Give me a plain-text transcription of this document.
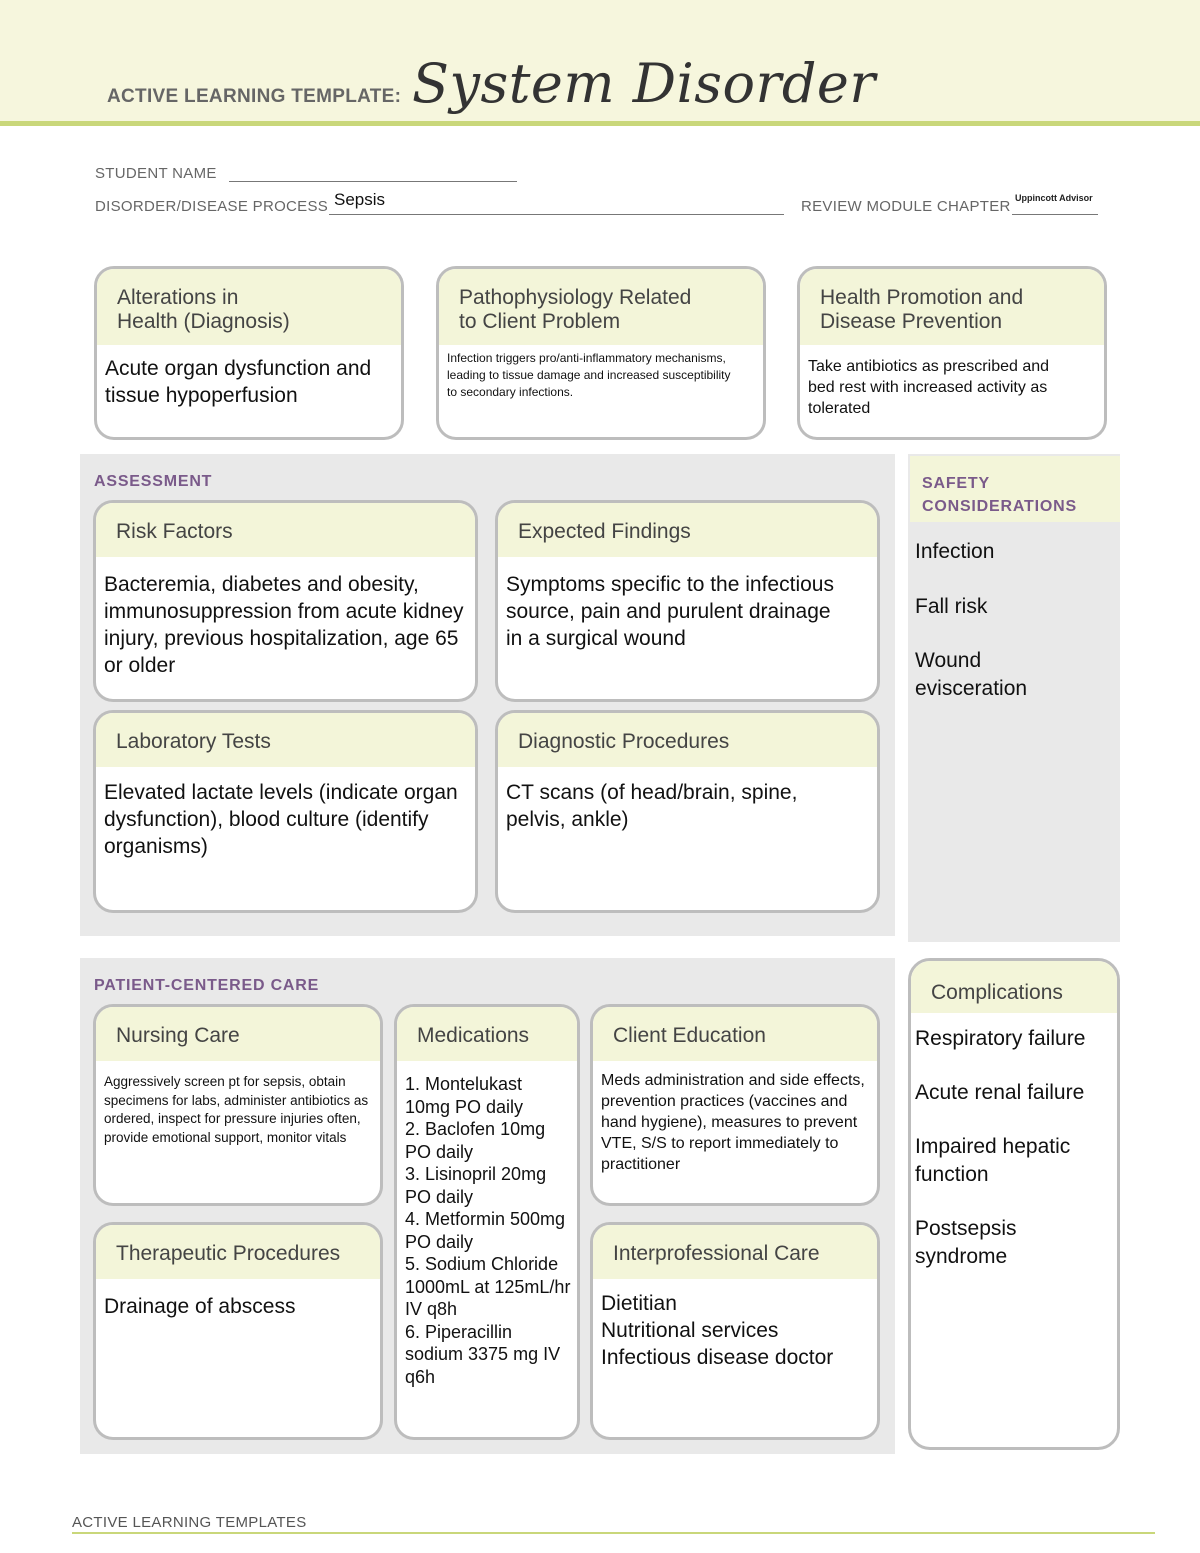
ACTIVE LEARNING TEMPLATE: System Disorder
STUDENT NAME
DISORDER/DISEASE PROCESS Sepsis	REVIEW MODULE CHAPTER Uppincott Advisor
Alterations in
Health (Diagnosis)
Acute organ dysfunction and tissue hypoperfusion
Pathophysiology Related
to Client Problem
Infection triggers pro/anti-inflammatory mechanisms, leading to tissue damage and increased susceptibility to secondary infections.
Health Promotion and
Disease Prevention
Take antibiotics as prescribed and bed rest with increased activity as tolerated
ASSESSMENT
Risk Factors
Bacteremia, diabetes and obesity, immunosuppression from acute kidney injury, previous hospitalization, age 65 or older
Expected Findings
Symptoms specific to the infectious source, pain and purulent drainage in a surgical wound
Laboratory Tests
Elevated lactate levels (indicate organ dysfunction), blood culture (identify organisms)
Diagnostic Procedures
CT scans (of head/brain, spine, pelvis, ankle)
SAFETY
CONSIDERATIONS
Infection
Fall risk
Wound evisceration
PATIENT-CENTERED CARE
Nursing Care
Aggressively screen pt for sepsis, obtain specimens for labs, administer antibiotics as ordered, inspect for pressure injuries often, provide emotional support, monitor vitals
Medications
1. Montelukast 10mg PO daily
2. Baclofen 10mg PO daily
3. Lisinopril 20mg PO daily
4. Metformin 500mg PO daily
5. Sodium Chloride 1000mL at 125mL/hr IV q8h
6. Piperacillin sodium 3375 mg IV q6h
Client Education
Meds administration and side effects, prevention practices (vaccines and hand hygiene), measures to prevent VTE, S/S to report immediately to practitioner
Therapeutic Procedures
Drainage of abscess
Interprofessional Care
Dietitian
Nutritional services
Infectious disease doctor
Complications
Respiratory failure
Acute renal failure
Impaired hepatic function
Postsepsis syndrome
ACTIVE LEARNING TEMPLATES
